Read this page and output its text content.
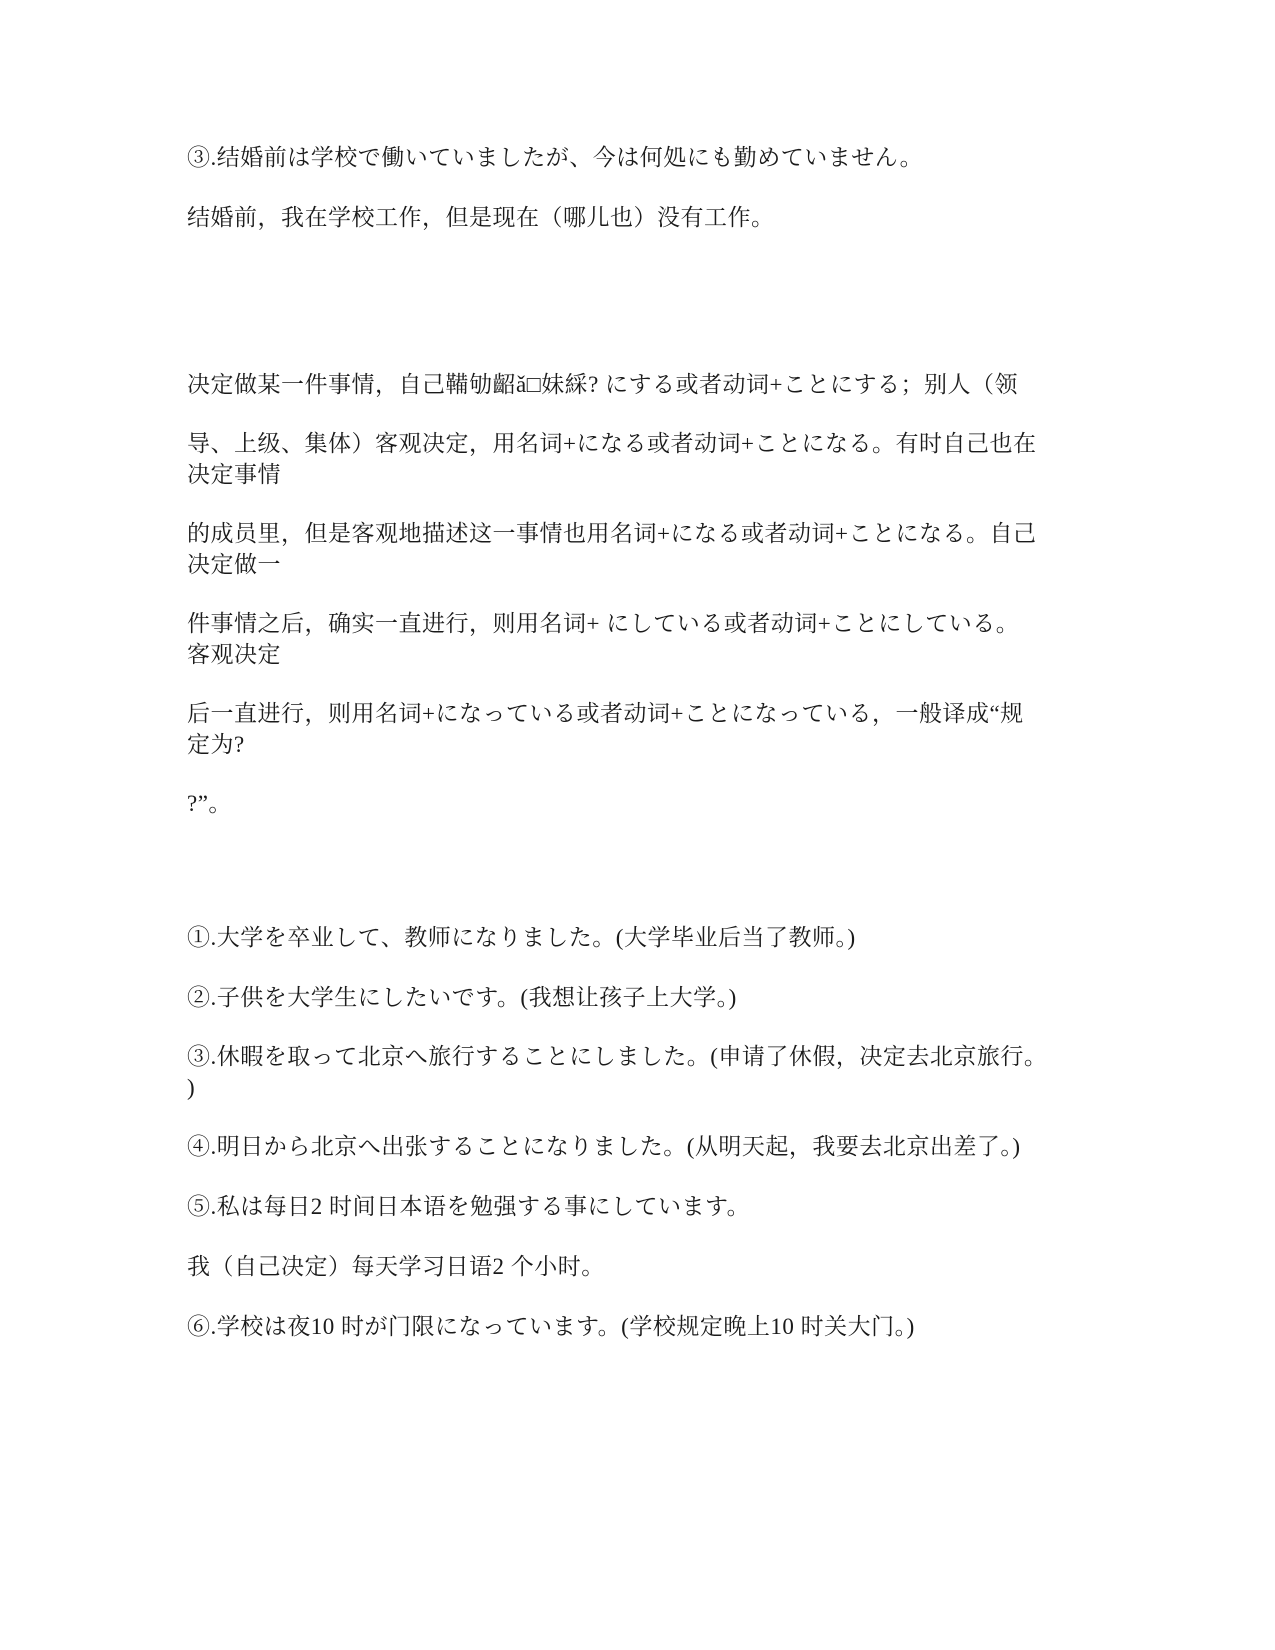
③.结婚前は学校で働いていましたが、今は何処にも勤めていません。
结婚前，我在学校工作，但是现在（哪儿也）没有工作。
决定做某一件事情，自己鞴劬齠ǎ□妹綵? にする或者动词+ことにする；别人（领
导、上级、集体）客观决定，用名词+になる或者动词+ことになる。有时自己也在
决定事情
的成员里，但是客观地描述这一事情也用名词+になる或者动词+ことになる。自己
决定做一
件事情之后，确实一直进行，则用名词+ にしている或者动词+ことにしている。
客观决定
后一直进行，则用名词+になっている或者动词+ことになっている，一般译成“规
定为?
?”。
①.大学を卒业して、教师になりました。(大学毕业后当了教师。)
②.子供を大学生にしたいです。(我想让孩子上大学。)
③.休暇を取って北京へ旅行することにしました。(申请了休假，决定去北京旅行。
)
④.明日から北京へ出张することになりました。(从明天起，我要去北京出差了。)
⑤.私は每日2 时间日本语を勉强する事にしています。
我（自己决定）每天学习日语2 个小时。
⑥.学校は夜10 时が门限になっています。(学校规定晚上10 时关大门。)
